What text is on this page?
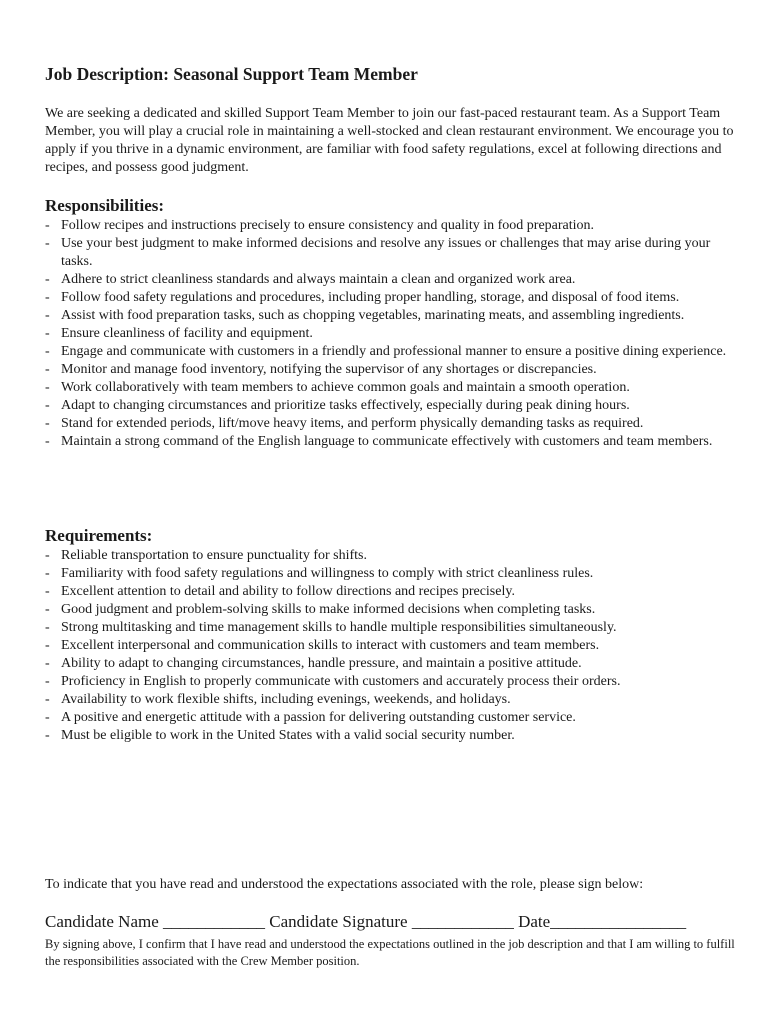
Job Description: Seasonal Support Team Member

We are seeking a dedicated and skilled Support Team Member to join our fast-paced restaurant team. As a Support Team Member, you will play a crucial role in maintaining a well-stocked and clean restaurant environment. We encourage you to apply if you thrive in a dynamic environment, are familiar with food safety regulations, excel at following directions and recipes, and possess good judgment.

Responsibilities:
- Follow recipes and instructions precisely to ensure consistency and quality in food preparation.
- Use your best judgment to make informed decisions and resolve any issues or challenges that may arise during your tasks.
- Adhere to strict cleanliness standards and always maintain a clean and organized work area.
- Follow food safety regulations and procedures, including proper handling, storage, and disposal of food items.
- Assist with food preparation tasks, such as chopping vegetables, marinating meats, and assembling ingredients.
- Ensure cleanliness of facility and equipment.
- Engage and communicate with customers in a friendly and professional manner to ensure a positive dining experience.
- Monitor and manage food inventory, notifying the supervisor of any shortages or discrepancies.
- Work collaboratively with team members to achieve common goals and maintain a smooth operation.
- Adapt to changing circumstances and prioritize tasks effectively, especially during peak dining hours.
- Stand for extended periods, lift/move heavy items, and perform physically demanding tasks as required.
- Maintain a strong command of the English language to communicate effectively with customers and team members.
Requirements:
- Reliable transportation to ensure punctuality for shifts.
- Familiarity with food safety regulations and willingness to comply with strict cleanliness rules.
- Excellent attention to detail and ability to follow directions and recipes precisely.
- Good judgment and problem-solving skills to make informed decisions when completing tasks.
- Strong multitasking and time management skills to handle multiple responsibilities simultaneously.
- Excellent interpersonal and communication skills to interact with customers and team members.
- Ability to adapt to changing circumstances, handle pressure, and maintain a positive attitude.
- Proficiency in English to properly communicate with customers and accurately process their orders.
- Availability to work flexible shifts, including evenings, weekends, and holidays.
- A positive and energetic attitude with a passion for delivering outstanding customer service.
- Must be eligible to work in the United States with a valid social security number.

To indicate that you have read and understood the expectations associated with the role, please sign below:

Candidate Name ____________ Candidate Signature ____________ Date________________

By signing above, I confirm that I have read and understood the expectations outlined in the job description and that I am willing to fulfill the responsibilities associated with the Crew Member position.
